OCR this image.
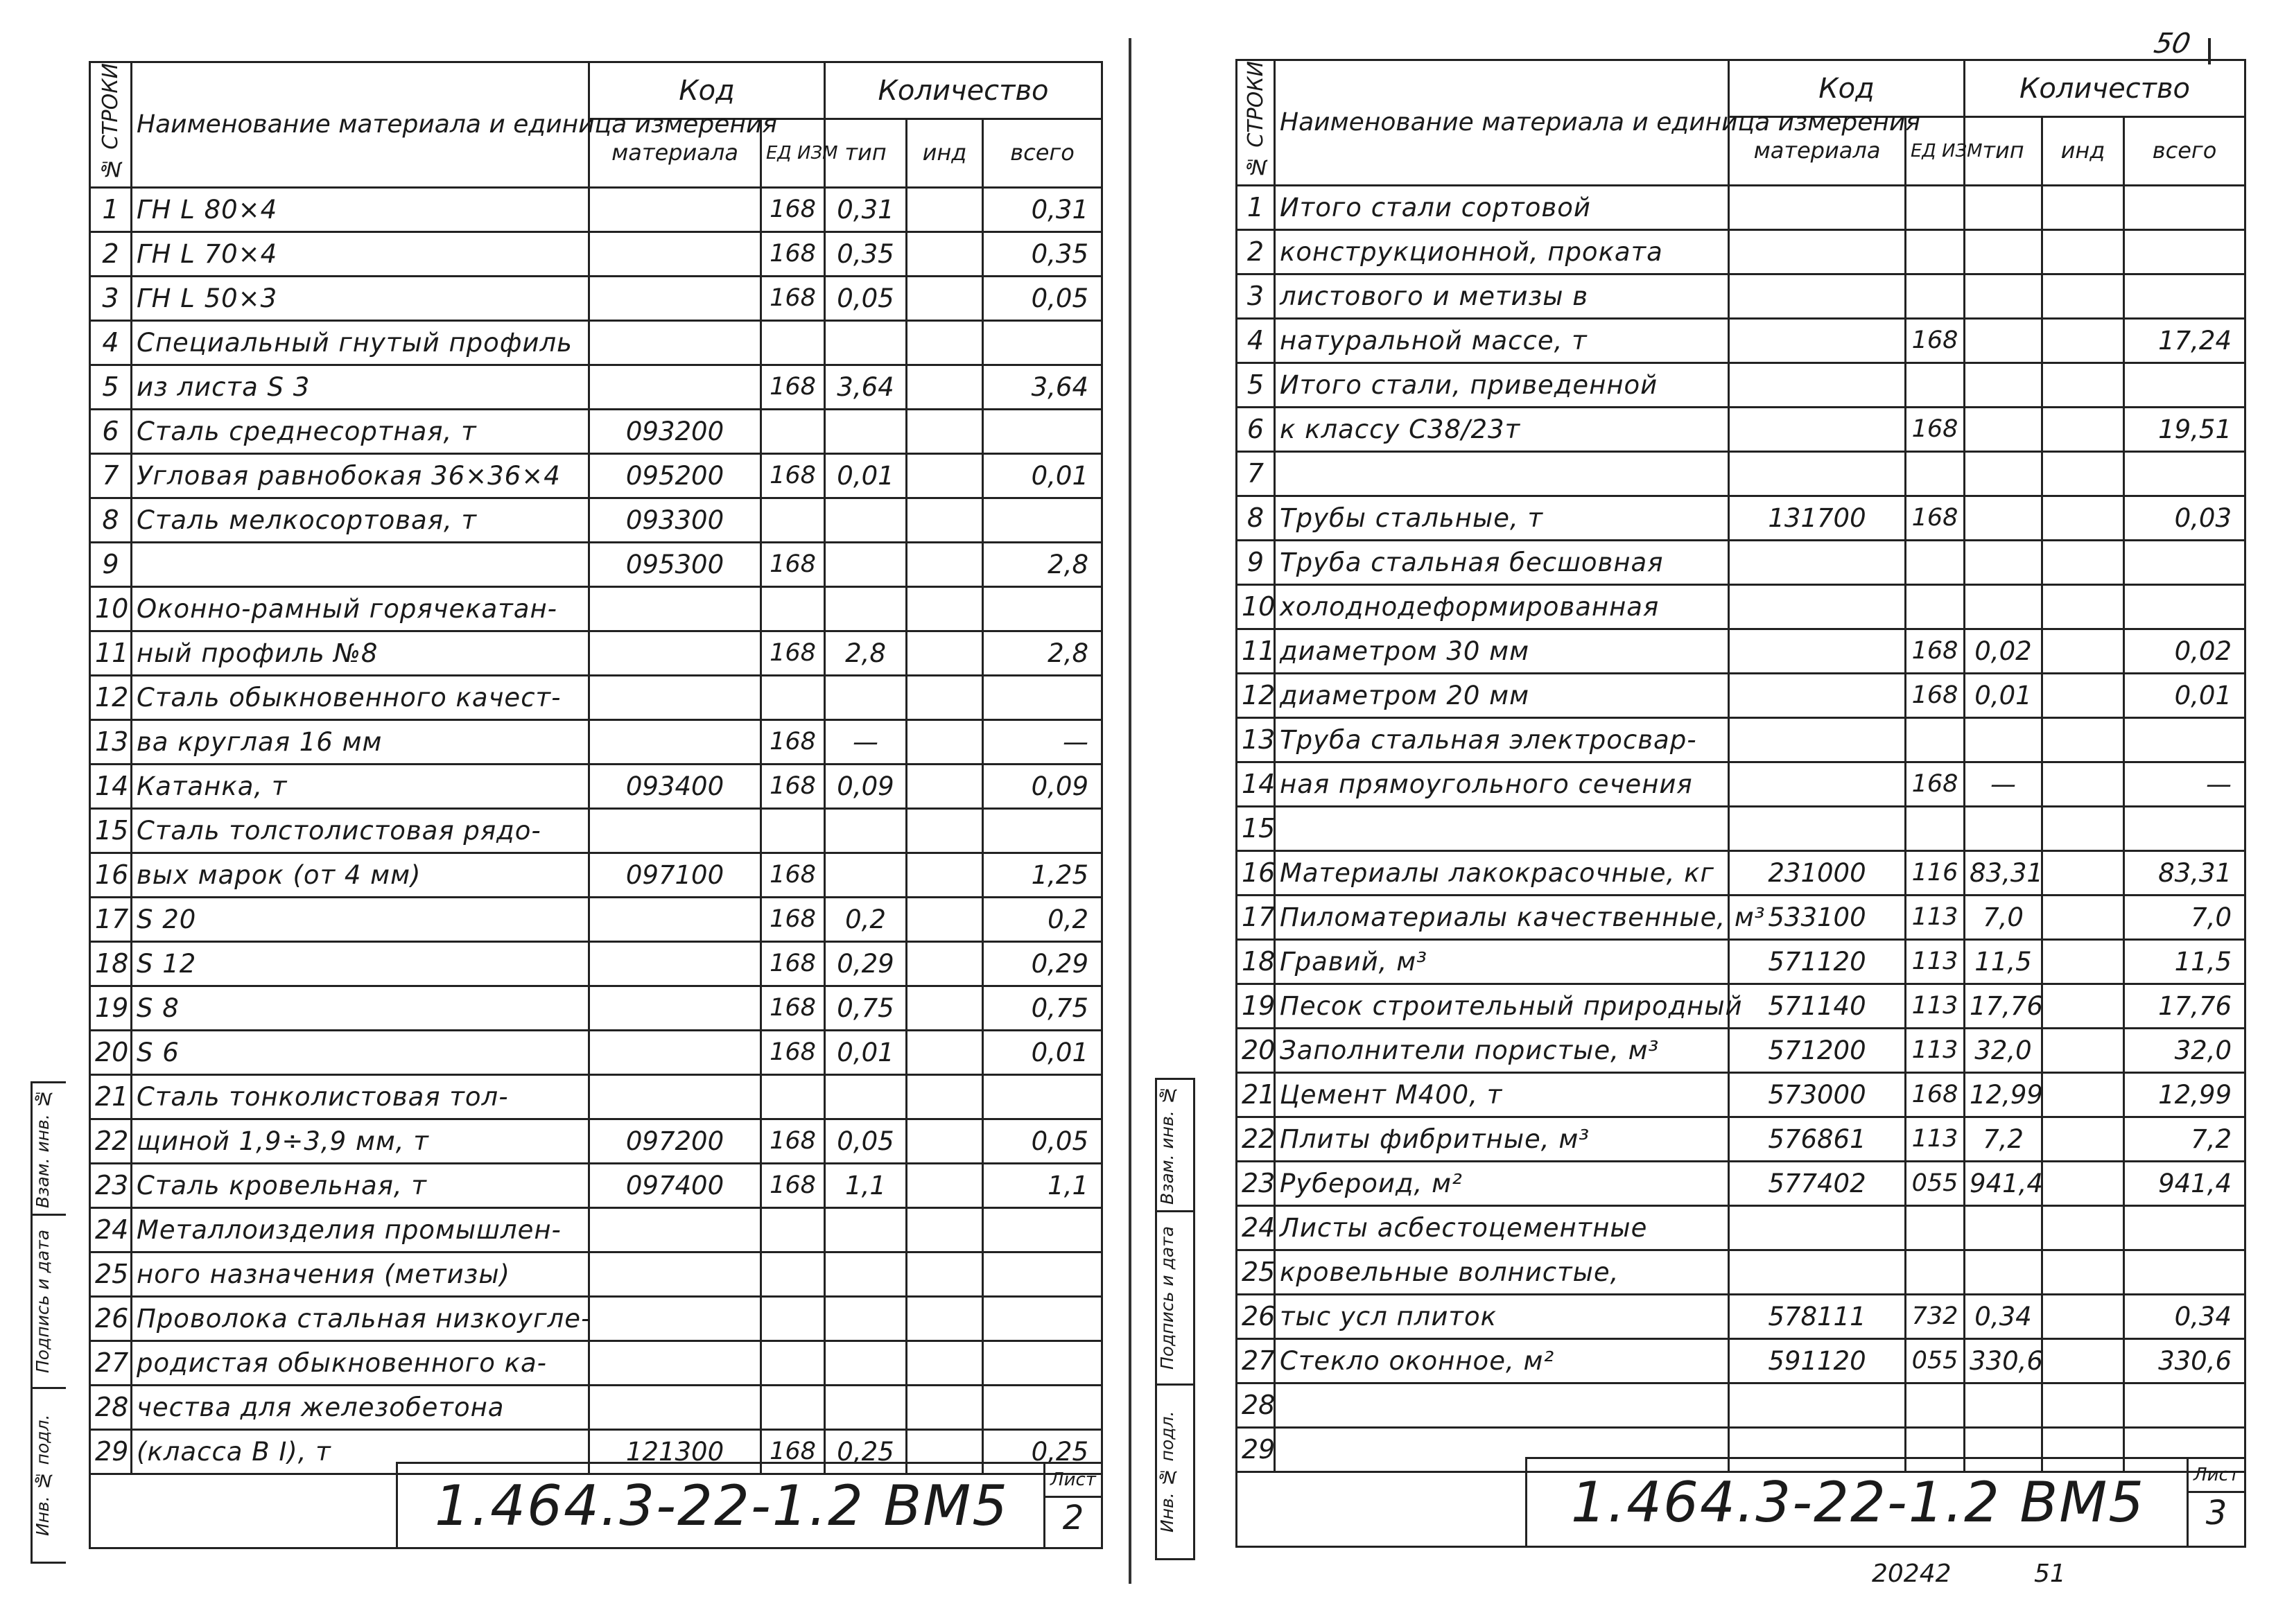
№ СТРОКИ	Наименование материала и единица измерения	Код		Количество		
		материала	ЕД ИЗМ	тип	инд	всего
1	ГН L 80×4		168	0,31		0,31
2	ГН L 70×4		168	0,35		0,35
3	ГН L 50×3		168	0,05		0,05
4	Специальный гнутый профиль					
5	из листа S 3		168	3,64		3,64
6	Сталь среднесортная, т	093200				
7	Угловая равнобокая 36×36×4	095200	168	0,01		0,01
8	Сталь мелкосортовая, т	093300				
9		095300	168			2,8
10	Оконно-рамный горячекатан-					
11	ный профиль №8		168	2,8		2,8
12	Сталь обыкновенного качест-					
13	ва круглая 16 мм		168	—		—
14	Катанка, т	093400	168	0,09		0,09
15	Сталь толстолистовая рядо-					
16	вых марок (от 4 мм)	097100	168			1,25
17	S 20		168	0,2		0,2
18	S 12		168	0,29		0,29
19	S 8		168	0,75		0,75
20	S 6		168	0,01		0,01
21	Сталь тонколистовая тол-					
22	щиной 1,9÷3,9 мм, т	097200	168	0,05		0,05
23	Сталь кровельная, т	097400	168	1,1		1,1
24	Металлоизделия промышлен-					
25	ного назначения (метизы)					
26	Проволока стальная низкоуглe-					
27	родистая обыкновенного ка-					
28	чества для железобетона					
29	(класса B I), т	121300	168	0,25		0,25
1.464.3-22-1.2 ВМ5	Лист
2
Инв. № подл.
Подпись и дата
Взам. инв. №
50
№ СТРОКИ	Наименование материала и единица измерения	Код		Количество		
		материала	ЕД ИЗМ	тип	инд	всего
1	Итого стали сортовой					
2	конструкционной, проката					
3	листового и метизы в					
4	натуральной массе, т		168			17,24
5	Итого стали, приведенной					
6	к классу С38/23т		168			19,51
7						
8	Трубы стальные, т	131700	168			0,03
9	Труба стальная бесшовная					
10	холоднодеформированная					
11	диаметром 30 мм		168	0,02		0,02
12	диаметром 20 мм		168	0,01		0,01
13	Труба стальная электросвар-					
14	ная прямоугольного сечения		168	—		—
15						
16	Материалы лакокрасочные, кг	231000	116	83,31		83,31
17	Пиломатериалы качественные, м³	533100	113	7,0		7,0
18	Гравий, м³	571120	113	11,5		11,5
19	Песок строительный природный	571140	113	17,76		17,76
20	Заполнители пористые, м³	571200	113	32,0		32,0
21	Цемент М400, т	573000	168	12,99		12,99
22	Плиты фибритные, м³	576861	113	7,2		7,2
23	Рубероид, м²	577402	055	941,4		941,4
24	Листы асбестоцементные					
25	кровельные волнистые,					
26	тыс усл плиток	578111	732	0,34		0,34
27	Стекло оконное, м²	591120	055	330,6		330,6
28						
29						
1.464.3-22-1.2 ВМ5	Лист
3
20242	51
Инв. № подл.
Подпись и дата
Взам. инв. №
